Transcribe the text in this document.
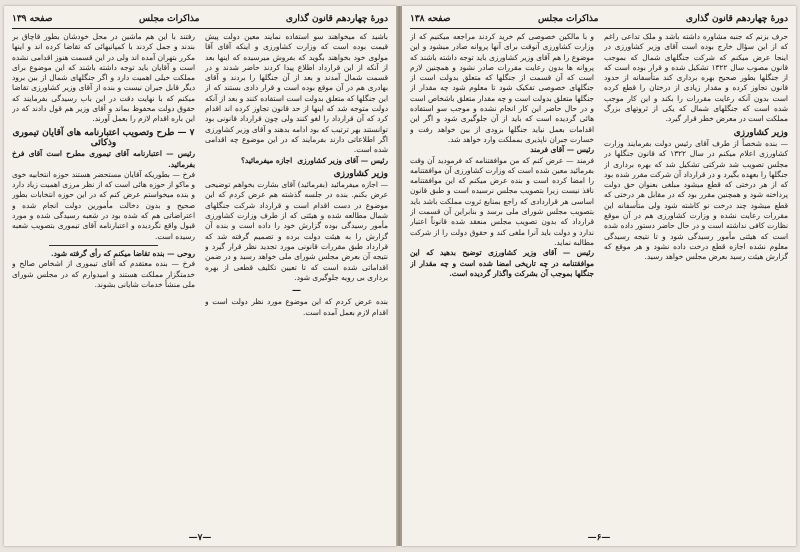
دورهٔ چهاردهم قانون گذاری
مذاکرات مجلس
صفحه ۱۳۹

باشید که میخواهند سو استفاده نمایند معین دولت پیش قیمت بوده است که وزارت کشاورزی و اینکه آقای آقا مولوی خود بخواهند بگوید که بفروش میرسیده که اینها بعد از آنکه از این قرارداد اطلاع پیدا کردند حاضر شدند و در قسمت شمال آمدند و بعد از آن جنگلها را بردند و آقای بهادری هم در آن موقع بوده است و قرار دادی بستند که از این جنگلها که متعلق بدولت است استفاده کنند و بعد از آنکه دولت متوجه شد که اینها از حد قانون تجاوز کرده اند اقدام کرد که آن قرارداد را لغو کنند ولی چون قرارداد قانونی بود توانستند بهر ترتیب که بود ادامه بدهند و آقای وزیر کشاورزی اگر اطلاعاتی دارند بفرمایند که در این موضوع چه اقدامی شده است.

رئیس — آقای وزیر کشاورزی ‍ اجازه میفرمائید؟

وزیر کشاورزی

— اجازه میفرمائید (بفرمائید) آقای بشارت بخواهم توضیحی عرض بکنم. بنده در جلسه گذشته هم عرض کردم که این موضوع در دست اقدام است و قرارداد شرکت جنگلهای شمال مطالعه شده و هیئتی که از طرف وزارت کشاورزی مأمور رسیدگی بوده گزارش خود را داده است و بنده آن گزارش را به هیئت دولت برده و تصمیم گرفته شد که قرارداد طبق مقررات قانونی مورد تجدید نظر قرار گیرد و نتیجه آن بعرض مجلس شورای ملی خواهد رسید و در ضمن اقداماتی شده است که تا تعیین تکلیف قطعی از بهره برداری بی رویه جلوگیری شود.

—

بنده عرض کردم که این موضوع مورد نظر دولت است و اقدام لازم بعمل آمده است.

رفتند با این هم ماشین در محل خودشان بطور قاچاق بر بندند و جمل کردند با کمپانیهائی که تقاضا کرده اند و اینها مکرر بتهران آمده اند ولی در این قسمت هنوز اقدامی نشده است و آقایان باید توجه داشته باشند که این موضوع برای مملکت خیلی اهمیت دارد و اگر جنگلهای شمال از بین برود دیگر قابل جبران نیست و بنده از آقای وزیر کشاورزی تقاضا میکنم که با نهایت دقت در این باب رسیدگی بفرمایند که حقوق دولت محفوظ بماند و آقای وزیر هم قول دادند که در این باره اقدام لازم را بعمل آورند.

۷ — طرح وتصویب اعتبارنامه های آقایان تیموری وذکائی

رئیس — اعتبارنامه آقای تیموری مطرح است آقای فرخ بفرمائید.

فرخ — بطوریکه آقایان مستحضر هستند حوزه انتخابیه خوی و ماکو از حوزه هائی است که از نظر مرزی اهمیت زیاد دارد و بنده میخواستم عرض کنم که در این حوزه انتخابات بطور صحیح و بدون دخالت مأمورین دولت انجام شده و اعتراضاتی هم که شده بود در شعبه رسیدگی شده و مورد قبول واقع نگردیده و اعتبارنامه آقای تیموری بتصویب شعبه رسیده است.

روحی — بنده تقاضا میکنم که رأی گرفته شود.

فرخ — بنده معتقدم که آقای تیموری از اشخاص صالح و خدمتگزار مملکت هستند و امیدوارم که در مجلس شورای ملی منشأ خدمات شایانی بشوند.

—۷—
دورهٔ چهاردهم قانون گذاری
مذاکرات مجلس
صفحه ۱۳۸

حرف بزنم که جنبه مشاوره داشته باشد و ملک تداعی راغم که از این سؤال خارج بوده است آقای وزیر کشاورزی در اینجا عرض میکنم که شرکت جنگلهای شمال که بموجب قانون مصوب سال ۱۳۲۲ تشکیل شده و قرار بوده است که از جنگلها بطور صحیح بهره برداری کند متأسفانه از حدود قانون تجاوز کرده و مقدار زیادی از درختان را قطع کرده است بدون آنکه رعایت مقررات را بکند و این کار موجب شده است که جنگلهای شمال که یکی از ثروتهای بزرگ مملکت است در معرض خطر قرار گیرد.

وزیر کشاورزی

— بنده شخصاً از طرف آقای رئیس دولت بفرمایند وزارت کشاورزی اعلام میکنم در سال ۱۳۲۲ که قانون جنگلها در مجلس تصویب شد شرکتی تشکیل شد که بهره برداری از جنگلها را بعهده بگیرد و در قرارداد آن شرکت مقرر شده بود که از هر درختی که قطع میشود مبلغی بعنوان حق دولت پرداخته شود و همچنین مقرر بود که در مقابل هر درختی که قطع میشود چند درخت نو کاشته شود ولی متأسفانه این مقررات رعایت نشده و وزارت کشاورزی هم در آن موقع نظارت کافی نداشته است و در حال حاضر دستور داده شده است که هیئتی مأمور رسیدگی شود و تا نتیجه رسیدگی معلوم نشده اجازه قطع درخت داده نشود و هر موقع که گزارش هیئت رسید بعرض مجلس خواهد رسید.

و با مالکین خصوصی کم خرید کردند مراجعه میکنیم که از وزارت کشاورزی آنوقت برای آنها پروانه صادر میشود و این موضوع را هم آقای وزیر کشاورزی باید توجه داشته باشند که پروانه ها بدون رعایت مقررات صادر نشود و همچنین لازم است که آن قسمت از جنگلها که متعلق بدولت است از جنگلهای خصوصی تفکیک شود تا معلوم شود چه مقدار از جنگلها متعلق بدولت است و چه مقدار متعلق باشخاص است و در حال حاضر این کار انجام نشده و موجب سو استفاده هائی گردیده است که باید از آن جلوگیری شود و اگر این اقدامات بعمل نیاید جنگلها بزودی از بین خواهد رفت و خسارت جبران ناپذیری بمملکت وارد خواهد شد.

رئیس — آقای فرمند

فرمند — عرض کنم که من موافقتنامه که فرمودید آن وقت بفرمائید معین شده است که وزارت کشاورزی آن موافقتنامه را امضا کرده است و بنده عرض میکنم که این موافقتنامه نافذ نیست زیرا بتصویب مجلس نرسیده است و طبق قانون اساسی هر قراردادی که راجع بمنابع ثروت مملکت باشد باید بتصویب مجلس شورای ملی برسد و بنابراین آن قسمت از قرارداد که بدون تصویب مجلس منعقد شده قانوناً اعتبار ندارد و دولت باید آنرا ملغی کند و حقوق دولت را از شرکت مطالبه نماید.

رئیس — آقای وزیر کشاورزی توضیح بدهید که این موافقتنامه در چه تاریخی امضا شده است و چه مقدار از جنگلها بموجب آن بشرکت واگذار گردیده است.

—۶—
